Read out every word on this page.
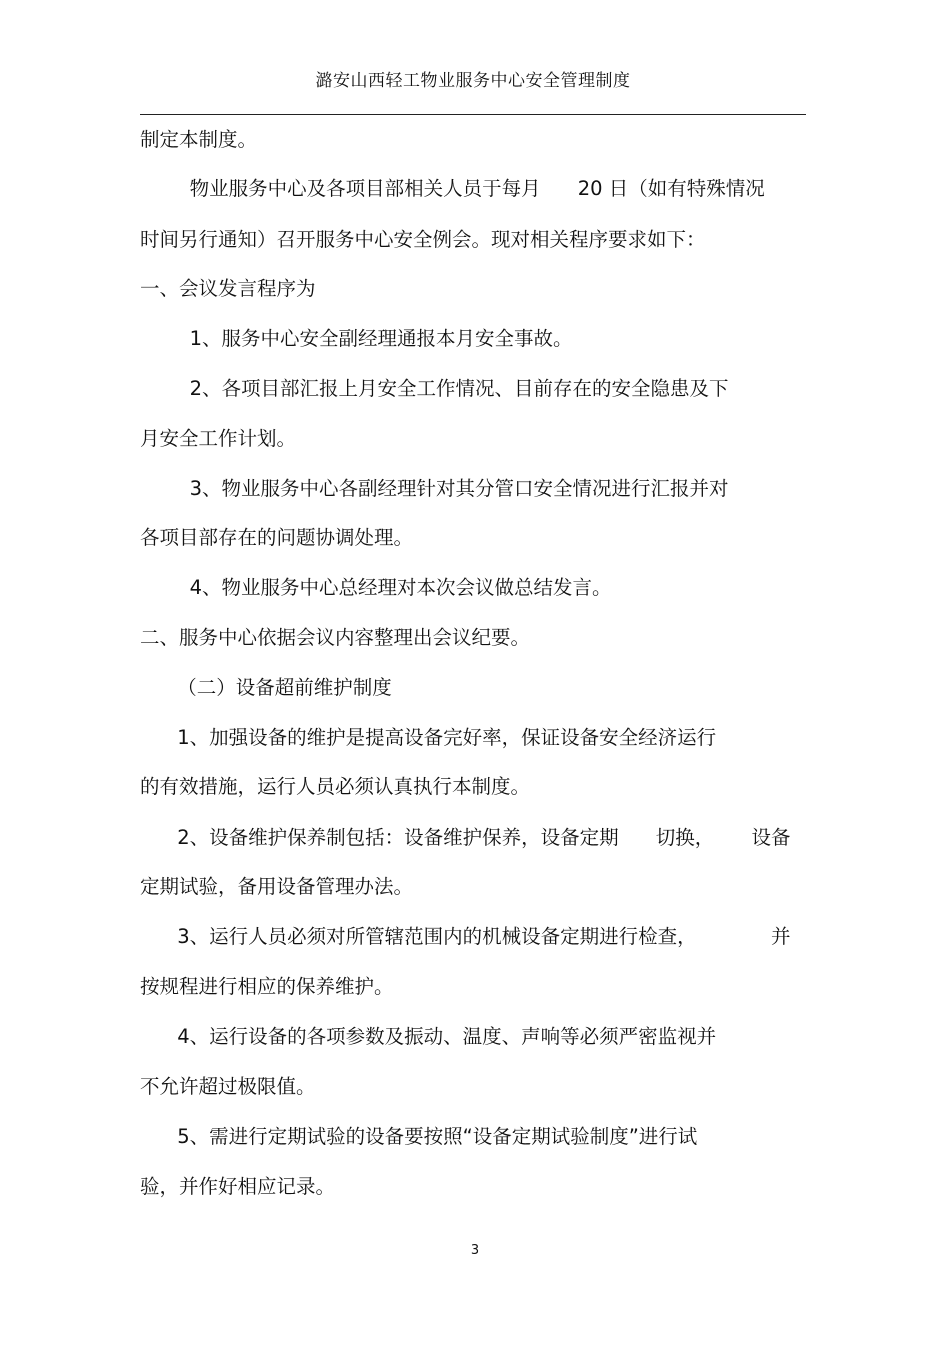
潞安山西轻工物业服务中心安全管理制度
制定本制度。
物业服务中心及各项目部相关人员于每月      20 日（如有特殊情况
时间另行通知）召开服务中心安全例会。现对相关程序要求如下：
一、会议发言程序为
1、服务中心安全副经理通报本月安全事故。
2、各项目部汇报上月安全工作情况、目前存在的安全隐患及下
月安全工作计划。
3、物业服务中心各副经理针对其分管口安全情况进行汇报并对
各项目部存在的问题协调处理。
4、物业服务中心总经理对本次会议做总结发言。
二、服务中心依据会议内容整理出会议纪要。
（二）设备超前维护制度
1、加强设备的维护是提高设备完好率，保证设备安全经济运行
的有效措施，运行人员必须认真执行本制度。
2、设备维护保养制包括：设备维护保养，设备定期      切换，      设备
定期试验，备用设备管理办法。
3、运行人员必须对所管辖范围内的机械设备定期进行检查，            并
按规程进行相应的保养维护。
4、运行设备的各项参数及振动、温度、声响等必须严密监视并
不允许超过极限值。
5、需进行定期试验的设备要按照“设备定期试验制度”进行试
验，并作好相应记录。
3
